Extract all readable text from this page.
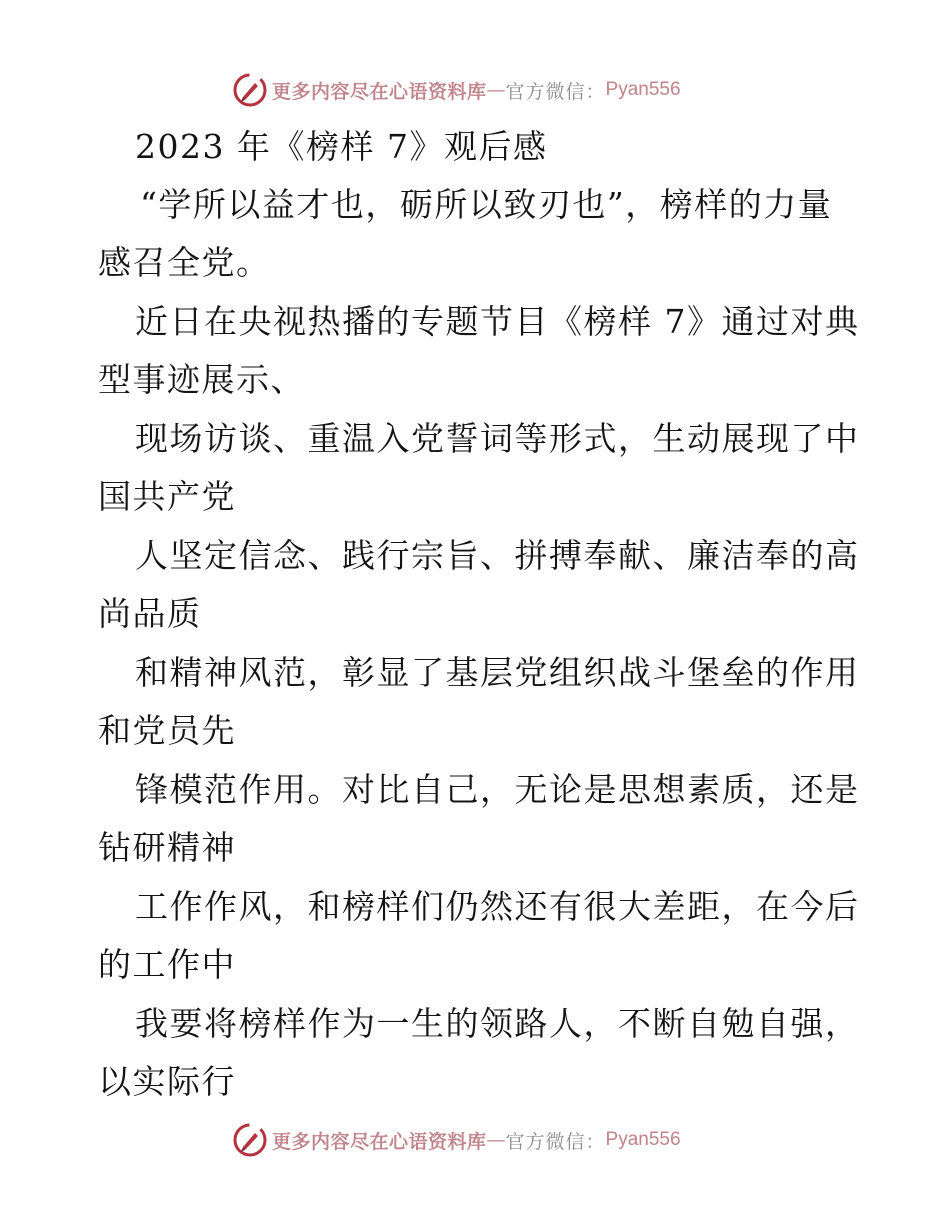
更多内容尽在心语资料库 — 官方微信： Pyan556
2023 年《榜样 7》观后感
“学所以益才也，砺所以致刃也”，榜样的力量
感召全党。
近日在央视热播的专题节目《榜样 7》通过对典
型事迹展示、
现场访谈、重温入党誓词等形式，生动展现了中
国共产党
人坚定信念、践行宗旨、拼搏奉献、廉洁奉的高
尚品质
和精神风范，彰显了基层党组织战斗堡垒的作用
和党员先
锋模范作用。对比自己，无论是思想素质，还是
钻研精神
工作作风，和榜样们仍然还有很大差距，在今后
的工作中
我要将榜样作为一生的领路人，不断自勉自强，
以实际行
更多内容尽在心语资料库 — 官方微信： Pyan556
